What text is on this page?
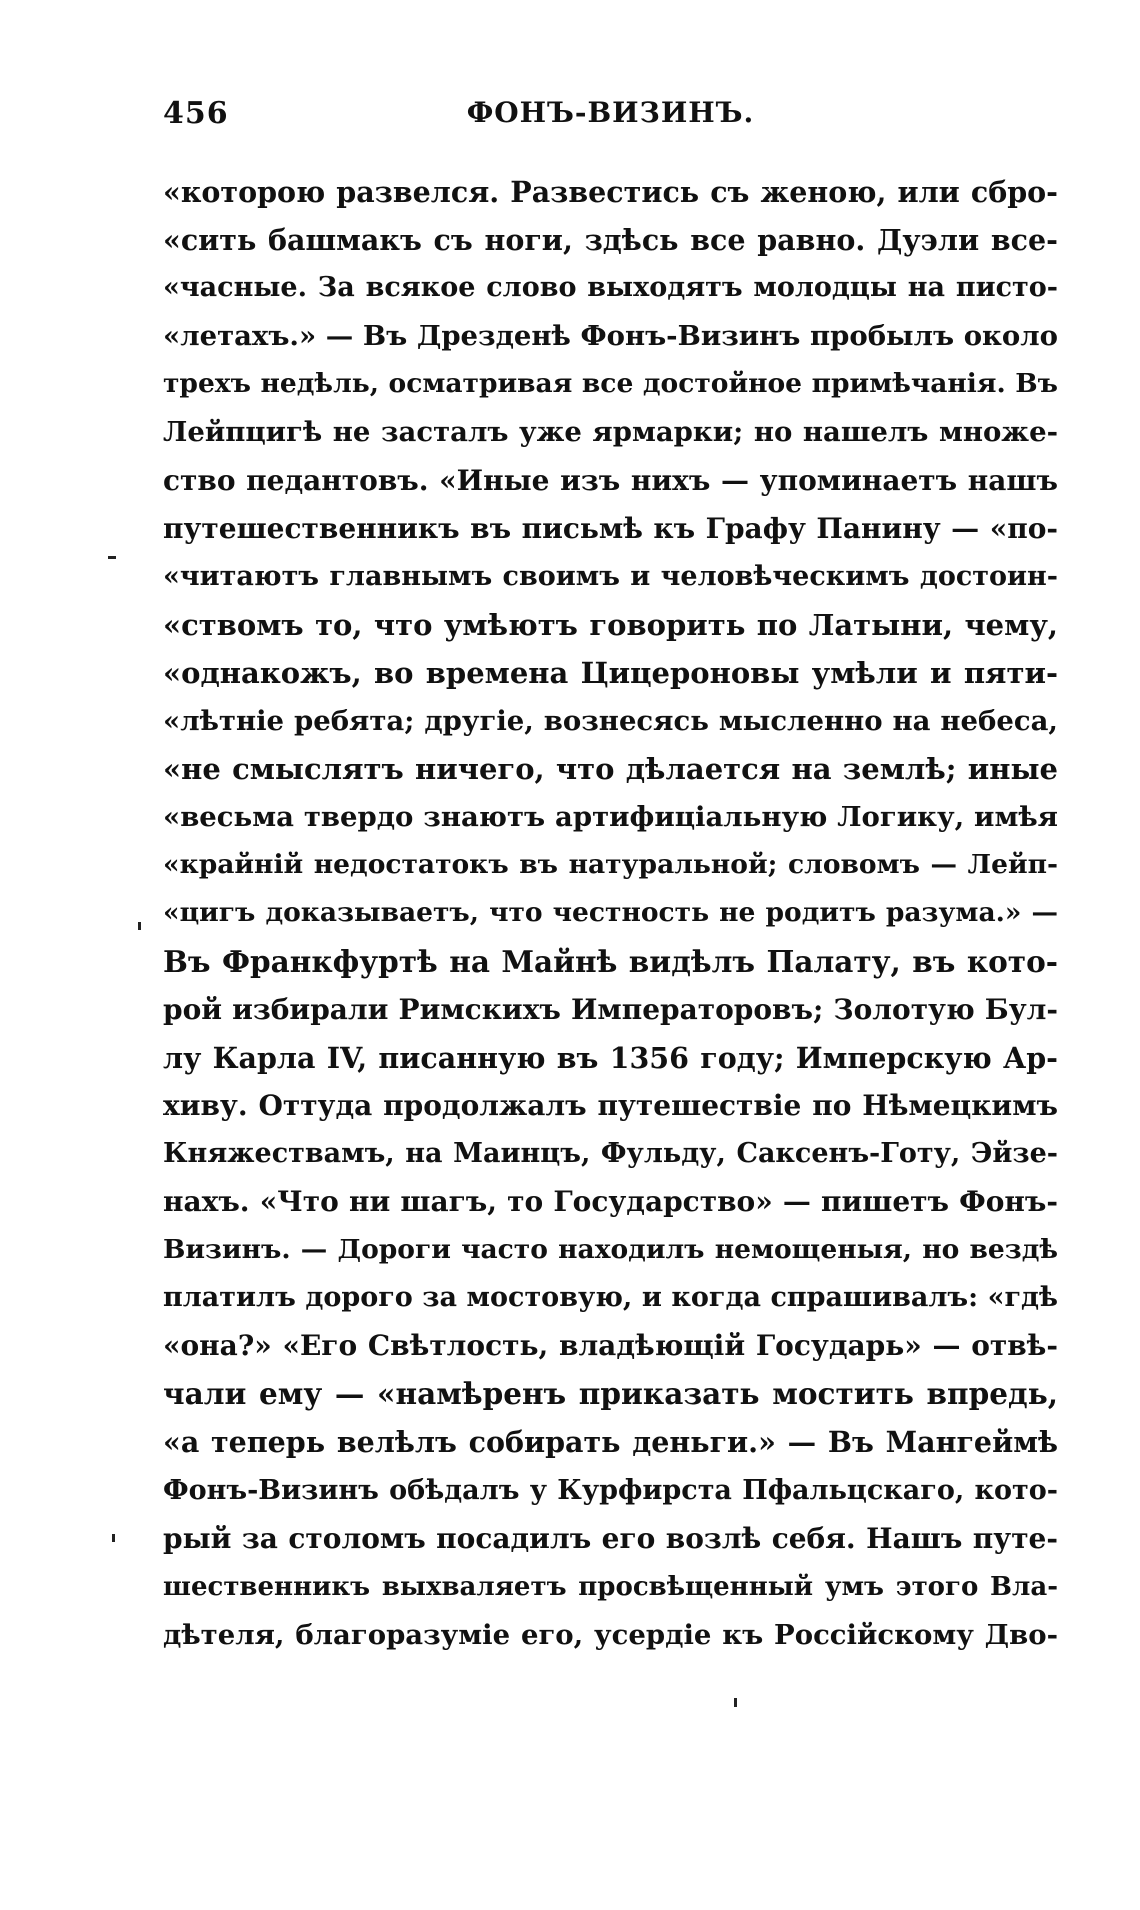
456	ФОНЪ-ВИЗИНЪ.
«которою развелся. Развестись съ женою, или сбро-
«сить башмакъ съ ноги, здѣсь все равно. Дуэли все-
«часные. За всякое слово выходятъ молодцы на писто-
«летахъ.» — Въ Дрезденѣ Фонъ-Визинъ пробылъ около
трехъ недѣль, осматривая все достойное примѣчанія. Въ
Лейпцигѣ не засталъ уже ярмарки; но нашелъ множе-
ство педантовъ. «Иные изъ нихъ — упоминаетъ нашъ
путешественникъ въ письмѣ къ Графу Панину — «по-
«читаютъ главнымъ своимъ и человѣческимъ достоин-
«ствомъ то, что умѣютъ говорить по Латыни, чему,
«однакожъ, во времена Цицероновы умѣли и пяти-
«лѣтніе ребята; другіе, вознесясь мысленно на небеса,
«не смыслятъ ничего, что дѣлается на землѣ; иные
«весьма твердо знаютъ артифиціальную Логику, имѣя
«крайній недостатокъ въ натуральной; словомъ — Лейп-
«цигъ доказываетъ, что честность не родитъ разума.» —
Въ Франкфуртѣ на Майнѣ видѣлъ Палату, въ кото-
рой избирали Римскихъ Императоровъ; Золотую Бул-
лу Карла IV, писанную въ 1356 году; Имперскую Ар-
хиву. Оттуда продолжалъ путешествіе по Нѣмецкимъ
Княжествамъ, на Маинцъ, Фульду, Саксенъ-Готу, Эйзе-
нахъ. «Что ни шагъ, то Государство» — пишетъ Фонъ-
Визинъ. — Дороги часто находилъ немощеныя, но вездѣ
платилъ дорого за мостовую, и когда спрашивалъ: «гдѣ
«она?» «Его Свѣтлость, владѣющій Государь» — отвѣ-
чали ему — «намѣренъ приказать мостить впредь,
«а теперь велѣлъ собирать деньги.» — Въ Мангеймѣ
Фонъ-Визинъ обѣдалъ у Курфирста Пфальцскаго, кото-
рый за столомъ посадилъ его возлѣ себя. Нашъ путе-
шественникъ выхваляетъ просвѣщенный умъ этого Вла-
дѣтеля, благоразуміе его, усердіе къ Россійскому Дво-
